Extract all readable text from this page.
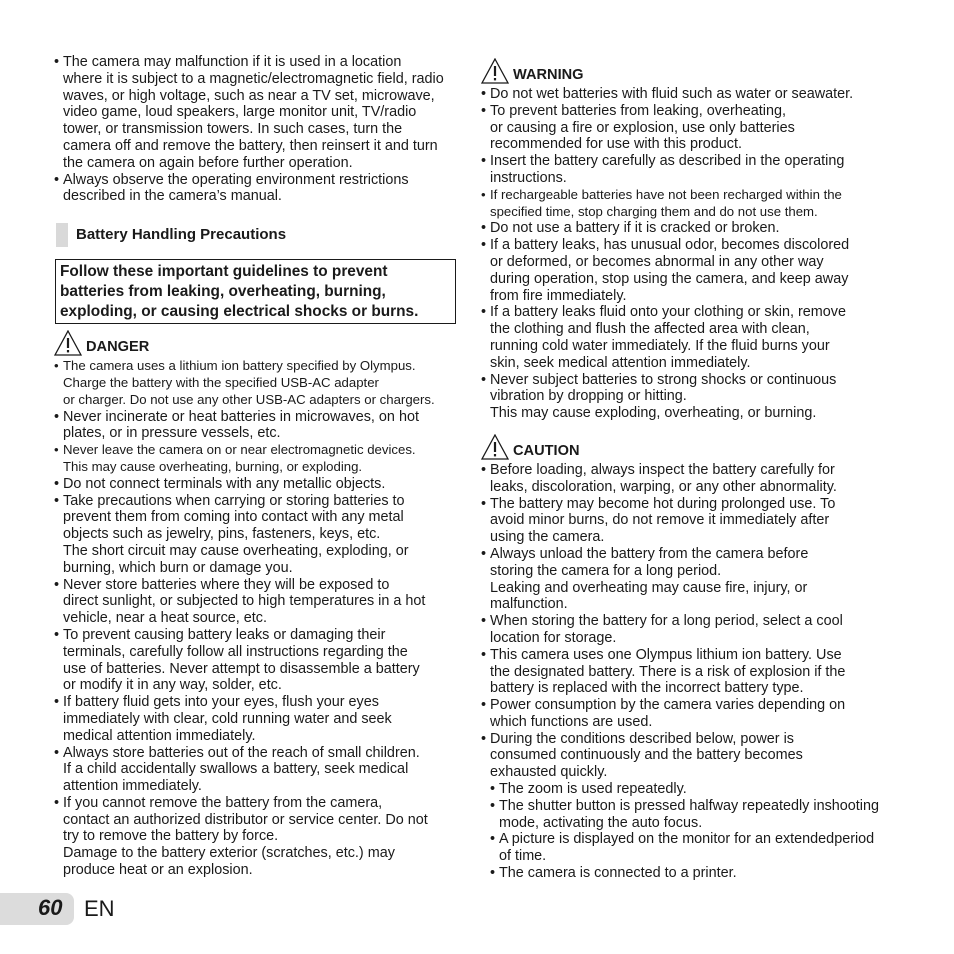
• The camera may malfunction if it is used in a location
where it is subject to a magnetic/electromagnetic field, radio
waves, or high voltage, such as near a TV set, microwave,
video game, loud speakers, large monitor unit, TV/radio
tower, or transmission towers. In such cases, turn the
camera off and remove the battery, then reinsert it and turn
the camera on again before further operation.
• Always observe the operating environment restrictions
described in the camera’s manual.
Battery Handling Precautions
Follow these important guidelines to prevent
batteries from leaking, overheating, burning,
exploding, or causing electrical shocks or burns.
DANGER
• The camera uses a lithium ion battery specified by Olympus.
Charge the battery with the specified USB-AC adapter
or charger. Do not use any other USB-AC adapters or chargers.
• Never incinerate or heat batteries in microwaves, on hot
plates, or in pressure vessels, etc.
• Never leave the camera on or near electromagnetic devices.
This may cause overheating, burning, or exploding.
• Do not connect terminals with any metallic objects.
• Take precautions when carrying or storing batteries to
prevent them from coming into contact with any metal
objects such as jewelry, pins, fasteners, keys, etc.
The short circuit may cause overheating, exploding, or
burning, which burn or damage you.
• Never store batteries where they will be exposed to
direct sunlight, or subjected to high temperatures in a hot
vehicle, near a heat source, etc.
• To prevent causing battery leaks or damaging their
terminals, carefully follow all instructions regarding the
use of batteries. Never attempt to disassemble a battery
or modify it in any way, solder, etc.
• If battery fluid gets into your eyes, flush your eyes
immediately with clear, cold running water and seek
medical attention immediately.
• Always store batteries out of the reach of small children.
If a child accidentally swallows a battery, seek medical
attention immediately.
• If you cannot remove the battery from the camera,
contact an authorized distributor or service center. Do not
try to remove the battery by force.
Damage to the battery exterior (scratches, etc.) may
produce heat or an explosion.
WARNING
• Do not wet batteries with fluid such as water or seawater.
• To prevent batteries from leaking, overheating,
or causing a fire or explosion, use only batteries
recommended for use with this product.
• Insert the battery carefully as described in the operating
instructions.
• If rechargeable batteries have not been recharged within the
specified time, stop charging them and do not use them.
• Do not use a battery if it is cracked or broken.
• If a battery leaks, has unusual odor, becomes discolored
or deformed, or becomes abnormal in any other way
during operation, stop using the camera, and keep away
from fire immediately.
• If a battery leaks fluid onto your clothing or skin, remove
the clothing and flush the affected area with clean,
running cold water immediately. If the fluid burns your
skin, seek medical attention immediately.
• Never subject batteries to strong shocks or continuous
vibration by dropping or hitting.
This may cause exploding, overheating, or burning.
CAUTION
• Before loading, always inspect the battery carefully for
leaks, discoloration, warping, or any other abnormality.
• The battery may become hot during prolonged use. To
avoid minor burns, do not remove it immediately after
using the camera.
• Always unload the battery from the camera before
storing the camera for a long period.
Leaking and overheating may cause fire, injury, or
malfunction.
• When storing the battery for a long period, select a cool
location for storage.
• This camera uses one Olympus lithium ion battery. Use
the designated battery. There is a risk of explosion if the
battery is replaced with the incorrect battery type.
• Power consumption by the camera varies depending on
which functions are used.
• During the conditions described below, power is
consumed continuously and the battery becomes
exhausted quickly.
• The zoom is used repeatedly.
• The shutter button is pressed halfway repeatedly inshooting mode, activating the auto focus.
• A picture is displayed on the monitor for an extendedperiod of time.
• The camera is connected to a printer.
60 EN
